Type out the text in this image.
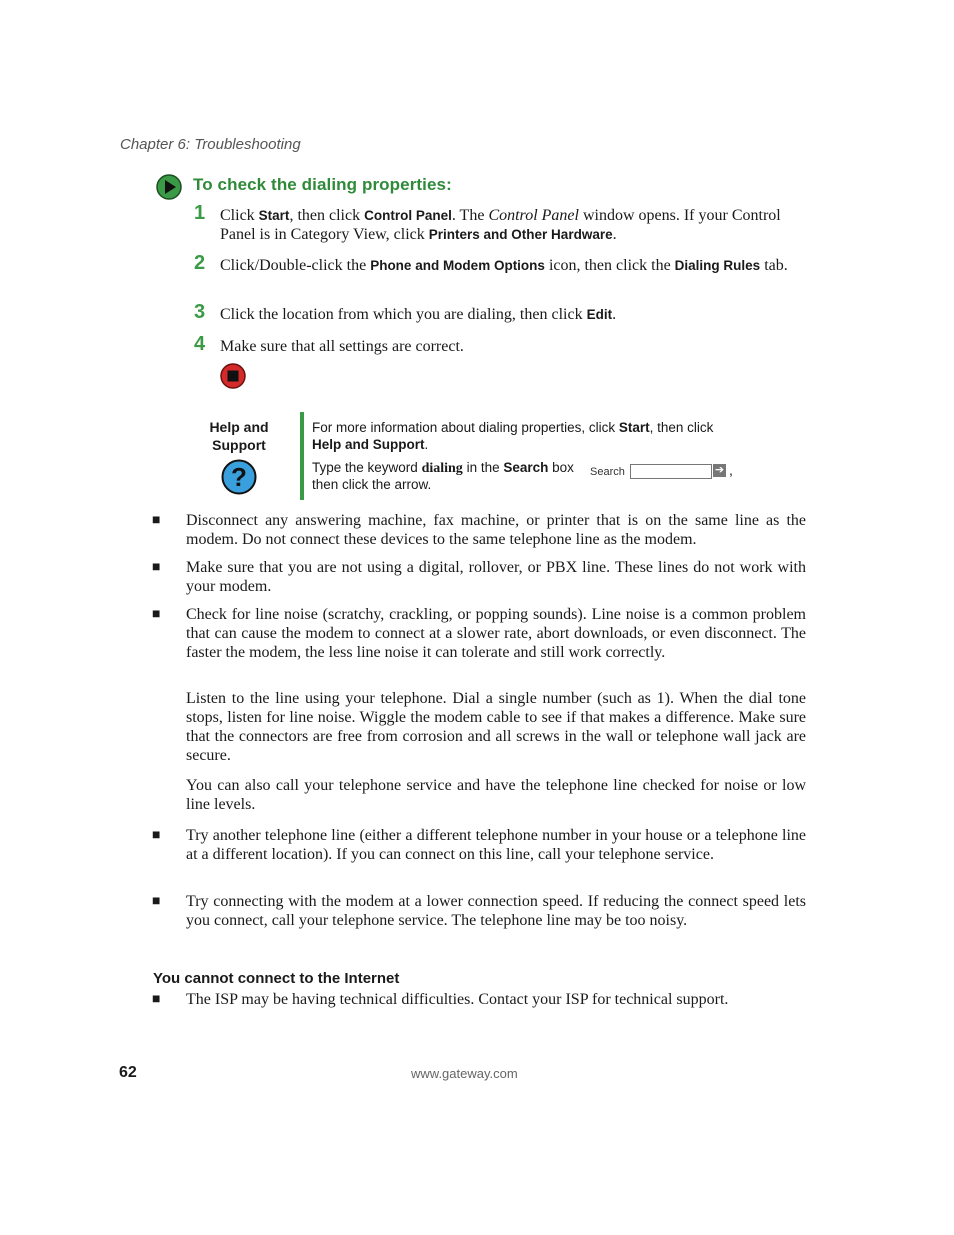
Chapter 6: Troubleshooting
To check the dialing properties:
1 Click Start, then click Control Panel. The Control Panel window opens. If your Control Panel is in Category View, click Printers and Other Hardware.
2 Click/Double-click the Phone and Modem Options icon, then click the Dialing Rules tab.
3 Click the location from which you are dialing, then click Edit.
4 Make sure that all settings are correct.
Help and Support
?
For more information about dialing properties, click Start, then click
Help and Support.
Type the keyword dialing in the Search box	Search	➔ ,
then click the arrow.
■ Disconnect any answering machine, fax machine, or printer that is on the same line as the modem. Do not connect these devices to the same telephone line as the modem.
■ Make sure that you are not using a digital, rollover, or PBX line. These lines do not work with your modem.
■ Check for line noise (scratchy, crackling, or popping sounds). Line noise is a common problem that can cause the modem to connect at a slower rate, abort downloads, or even disconnect. The faster the modem, the less line noise it can tolerate and still work correctly.
Listen to the line using your telephone. Dial a single number (such as 1). When the dial tone stops, listen for line noise. Wiggle the modem cable to see if that makes a difference. Make sure that the connectors are free from corrosion and all screws in the wall or telephone wall jack are secure.
You can also call your telephone service and have the telephone line checked for noise or low line levels.
■ Try another telephone line (either a different telephone number in your house or a telephone line at a different location). If you can connect on this line, call your telephone service.
■ Try connecting with the modem at a lower connection speed. If reducing the connect speed lets you connect, call your telephone service. The telephone line may be too noisy.
You cannot connect to the Internet
■ The ISP may be having technical difficulties. Contact your ISP for technical support.
62	www.gateway.com
